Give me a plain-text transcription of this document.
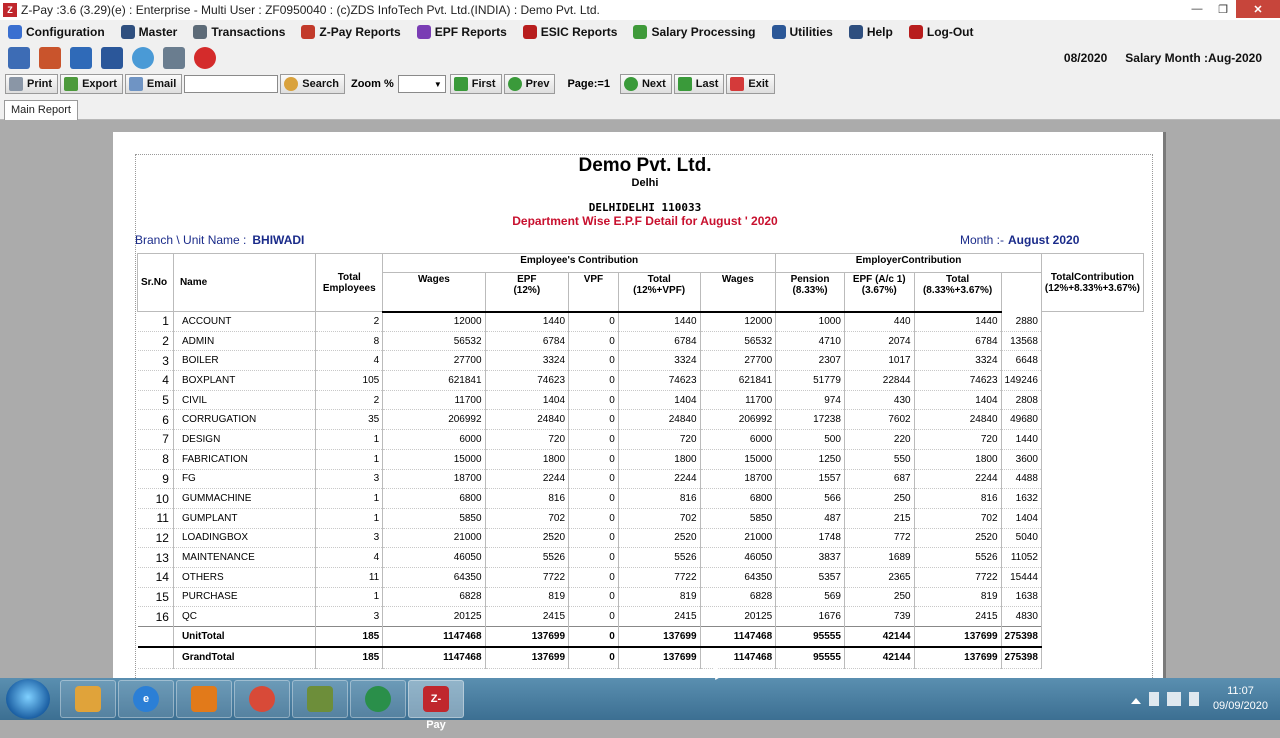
Z Z-Pay :3.6 (3.29)(e) : Enterprise - Multi User : ZF0950040 : (c)ZDS InfoTech Pvt. Ltd.(INDIA) : Demo Pvt. Ltd.	—	❐	✕
Configuration	Master	Transactions	Z-Pay Reports	EPF Reports	ESIC Reports	Salary Processing	Utilities	Help	Log-Out
08/2020 Salary Month :Aug-2020
Print	Export	Email	Search Zoom %	▼	First	Prev Page:=1	Next	Last	Exit
Main Report
Demo Pvt. Ltd.
Delhi
DELHIDELHI 110033
Department Wise E.P.F Detail for August ' 2020
Branch \ Unit Name : BHIWADI	Month :- August 2020
Sr.No	Name	Total
Employees	Employee's Contribution					EmployerContribution				TotalContribution
(12%+8.33%+3.67%)
			Wages	EPF
(12%)	VPF	Total
(12%+VPF)	Wages	Pension
(8.33%)	EPF (A/c 1)
(3.67%)	Total
(8.33%+3.67%)		
1	ACCOUNT	2	12000	1440	0	1440	12000	1000	440	1440	2880	
2	ADMIN	8	56532	6784	0	6784	56532	4710	2074	6784	13568	
3	BOILER	4	27700	3324	0	3324	27700	2307	1017	3324	6648	
4	BOXPLANT	105	621841	74623	0	74623	621841	51779	22844	74623	149246	
5	CIVIL	2	11700	1404	0	1404	11700	974	430	1404	2808	
6	CORRUGATION	35	206992	24840	0	24840	206992	17238	7602	24840	49680	
7	DESIGN	1	6000	720	0	720	6000	500	220	720	1440	
8	FABRICATION	1	15000	1800	0	1800	15000	1250	550	1800	3600	
9	FG	3	18700	2244	0	2244	18700	1557	687	2244	4488	
10	GUMMACHINE	1	6800	816	0	816	6800	566	250	816	1632	
11	GUMPLANT	1	5850	702	0	702	5850	487	215	702	1404	
12	LOADINGBOX	3	21000	2520	0	2520	21000	1748	772	2520	5040	
13	MAINTENANCE	4	46050	5526	0	5526	46050	3837	1689	5526	11052	
14	OTHERS	11	64350	7722	0	7722	64350	5357	2365	7722	15444	
15	PURCHASE	1	6828	819	0	819	6828	569	250	819	1638	
16	QC	3	20125	2415	0	2415	20125	1676	739	2415	4830	
	UnitTotal	185	1147468	137699	0	137699	1147468	95555	42144	137699	275398	
	GrandTotal	185	1147468	137699	0	137699	1147468	95555	42144	137699	275398	
e	Z-Pay
11:07
09/09/2020
